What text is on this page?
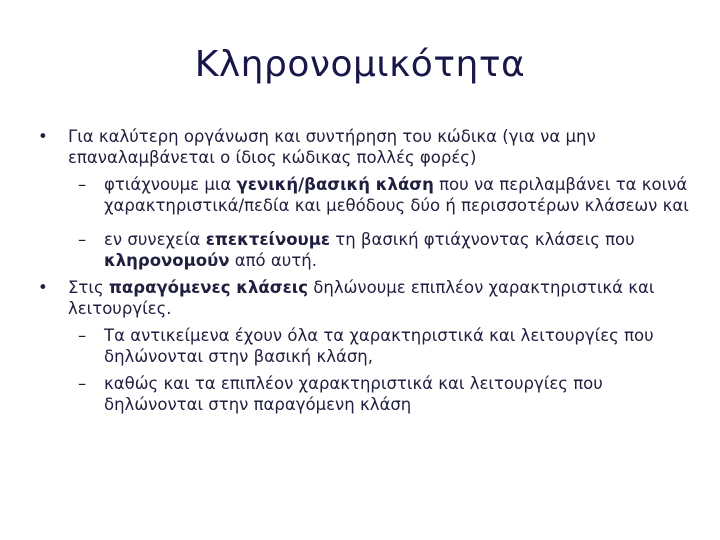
Κληρονομικότητα

• Για καλύτερη οργάνωση και συντήρηση του κώδικα (για να μην επαναλαμβάνεται ο ίδιος κώδικας πολλές φορές)

– φτιάχνουμε μια γενική/βασική κλάση που να περιλαμβάνει τα κοινά χαρακτηριστικά/πεδία και μεθόδους δύο ή περισσοτέρων κλάσεων και

– εν συνεχεία επεκτείνουμε τη βασική φτιάχνοντας κλάσεις που κληρονομούν από αυτή.

• Στις παραγόμενες κλάσεις δηλώνουμε επιπλέον χαρακτηριστικά και λειτουργίες.

– Τα αντικείμενα έχουν όλα τα χαρακτηριστικά και λειτουργίες που δηλώνονται στην βασική κλάση,

– καθώς και τα επιπλέον χαρακτηριστικά και λειτουργίες που δηλώνονται στην παραγόμενη κλάση
